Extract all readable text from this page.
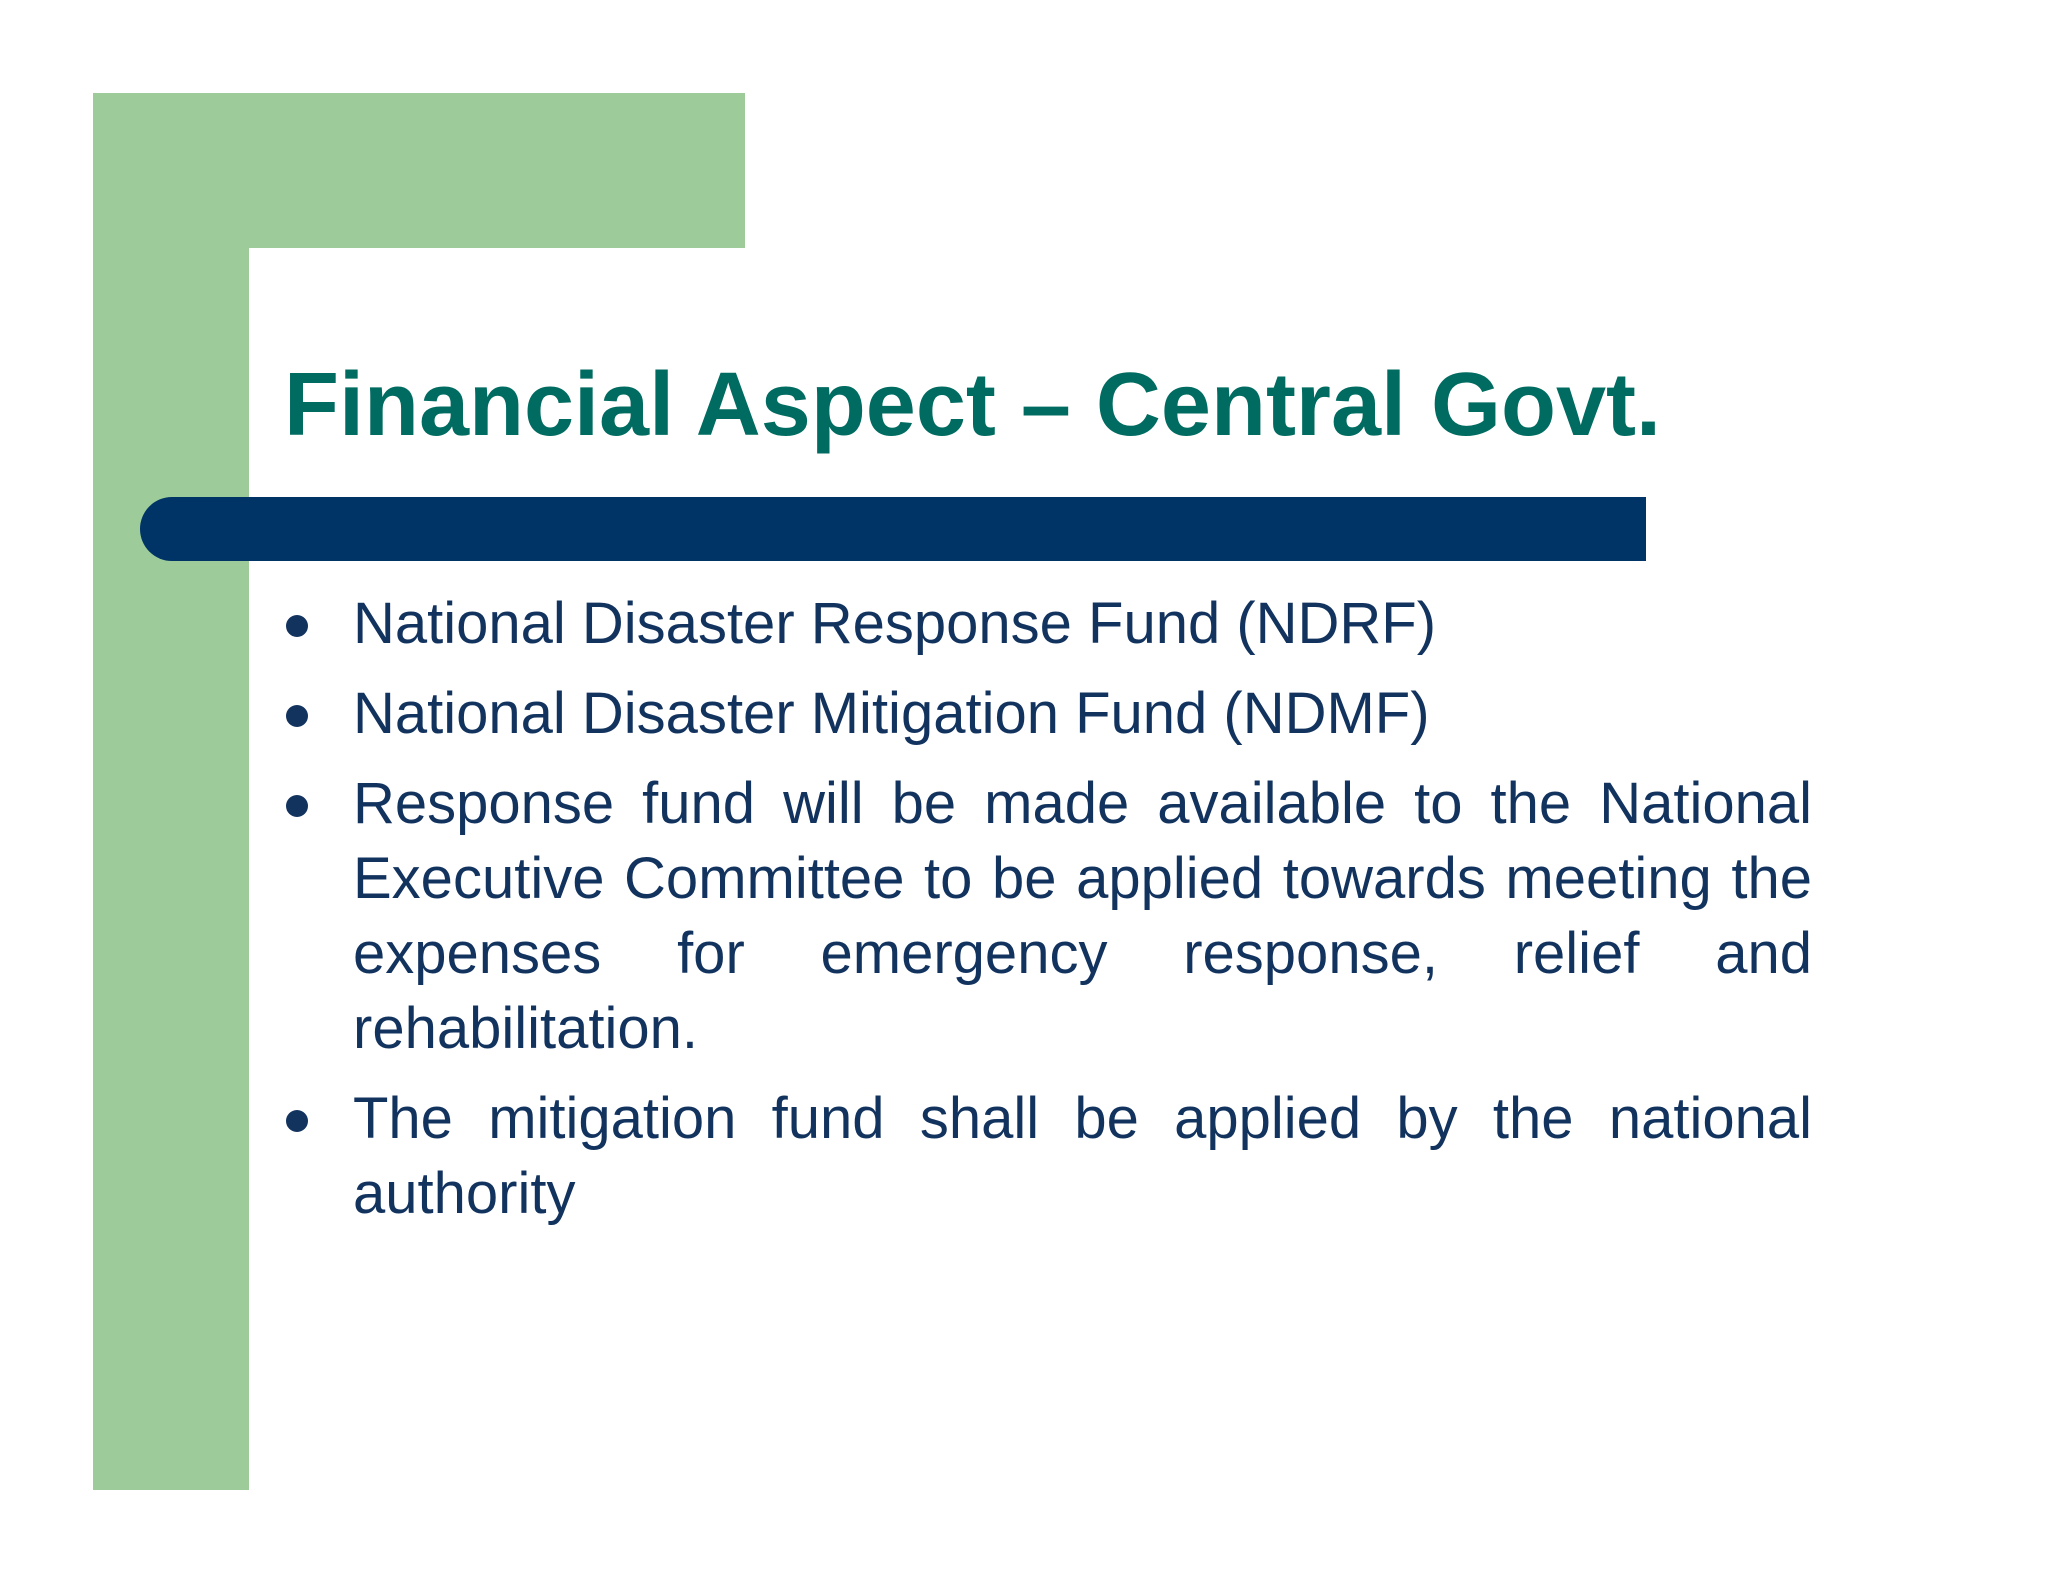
Financial Aspect – Central Govt.
National Disaster Response Fund (NDRF)
National Disaster Mitigation Fund (NDMF)
Response fund will be made available to the National Executive Committee to be applied towards meeting the expenses for emergency response, relief and rehabilitation.
The mitigation fund shall be applied by the national authority
